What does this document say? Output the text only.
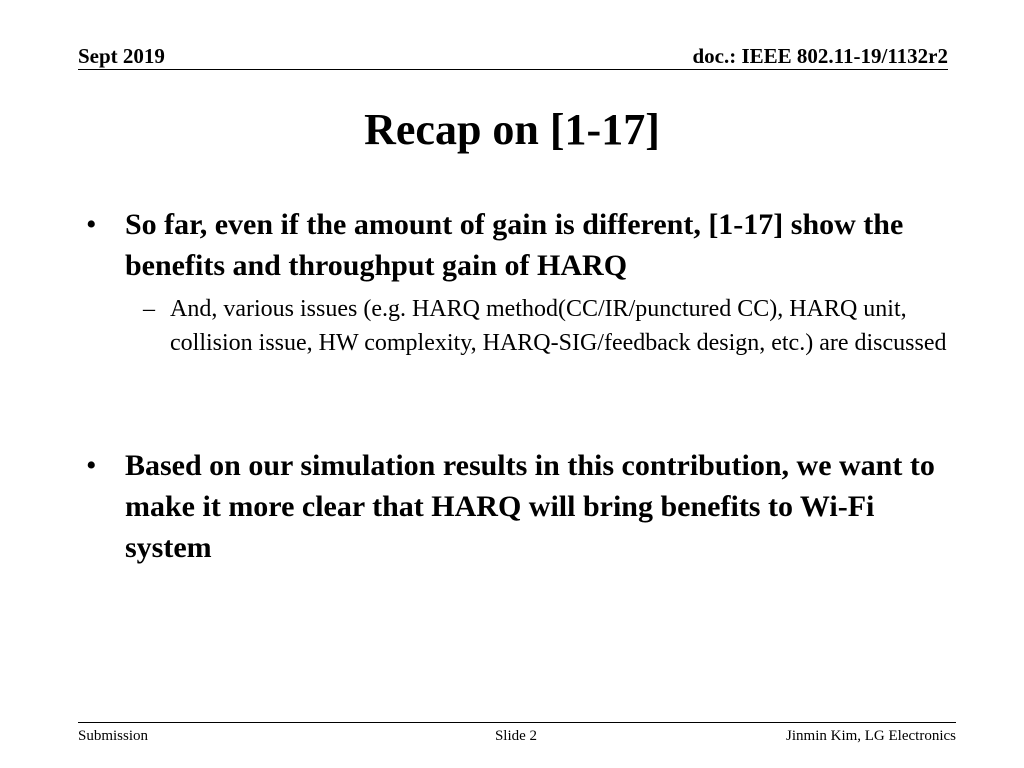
Sept 2019	doc.: IEEE 802.11-19/1132r2
Recap on [1-17]
• So far, even if the amount of gain is different, [1-17] show the benefits and throughput gain of HARQ
– And, various issues (e.g. HARQ method(CC/IR/punctured CC), HARQ unit, collision issue, HW complexity, HARQ-SIG/feedback design, etc.) are discussed
• Based on our simulation results in this contribution, we want to make it more clear that HARQ will bring benefits to Wi-Fi system
Submission	Slide 2	Jinmin Kim, LG Electronics
